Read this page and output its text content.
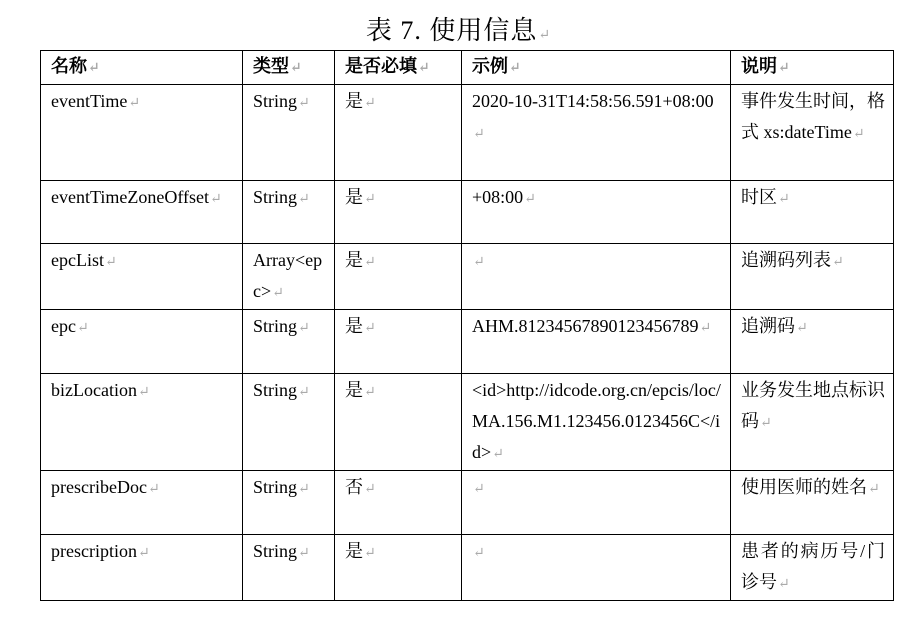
表 7. 使用信息 ↵
名称 ↵	类型 ↵	是否必填 ↵	示例 ↵	说明 ↵
eventTime ↵	String ↵	是 ↵	2020-10-31T14:58:56.591+08:00 ↵	事件发生时间，格式 xs:dateTime ↵
eventTimeZoneOffset ↵	String ↵	是 ↵	+08:00 ↵	时区 ↵
epcList ↵	Array<epc> ↵	是 ↵	↵	追溯码列表 ↵
epc ↵	String ↵	是 ↵	AHM.81234567890123456789 ↵	追溯码 ↵
bizLocation ↵	String ↵	是 ↵	<id>http://idcode.org.cn/epcis/loc/MA.156.M1.123456.0123456C</id> ↵	业务发生地点标识码 ↵
prescribeDoc ↵	String ↵	否 ↵	↵	使用医师的姓名 ↵
prescription ↵	String ↵	是 ↵	↵	患者的病历号/门诊号 ↵
